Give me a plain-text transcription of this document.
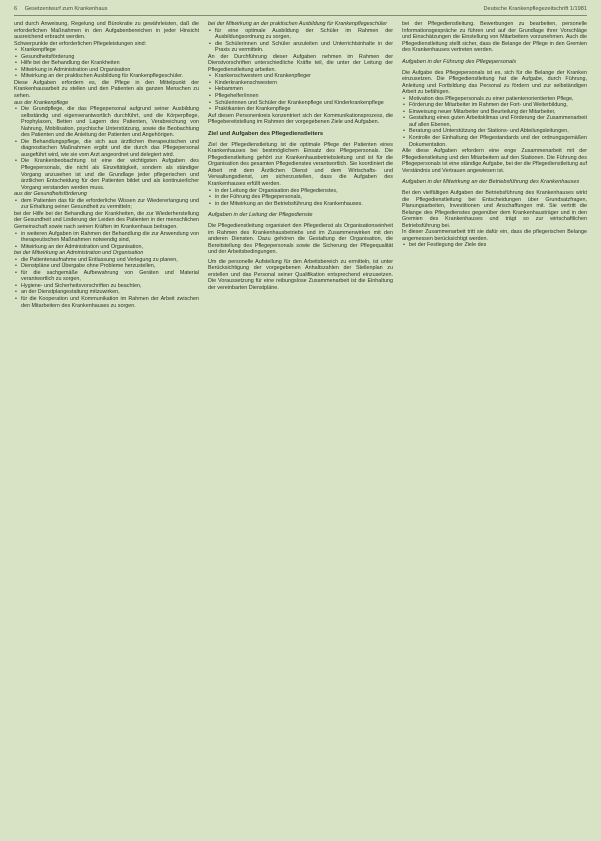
6 Gesetzentwurf zum Krankenhaus	Deutsche Krankenpflegezeitschrift 1/1981

und durch Anweisung, Regelung und Bürokratie zu gewährleisten, daß die erforderlichen Maßnahmen in den Aufgabenbereichen in jeder Hinsicht ausreichend erbracht werden.

Schwerpunkte der erforderlichen Pflegeleistungen sind:

• Krankenpflege
• Gesundheitsförderung
• Hilfe bei der Behandlung der Krankheiten
• Mitwirkung in Administration und Organisation
• Mitwirkung an der praktischen Ausbildung für Krankenpflegeschüler.

Diese Aufgaben erfordern es, die Pflege in den Mittelpunkt der Krankenhausarbeit zu stellen und den Patienten als ganzen Menschen zu sehen.

aus der Krankenpflege

• Die Grundpflege, die das Pflegepersonal aufgrund seiner Ausbildung selbständig und eigenverantwortlich durchführt, und die Körperpflege, Prophylaxen, Betten und Lagern des Patienten, Verabreichung von Nahrung, Mobilisation, psychische Unterstützung, sowie die Beobachtung des Patienten und die Anleitung der Patienten und Angehörigen.
• Die Behandlungspflege, die sich aus ärztlichen therapeutischen und diagnostischen Maßnahmen ergibt und die durch das Pflegepersonal ausgeführt wird, wie sie vom Arzt angeordnet und delegiert wird.
• Die Krankenbeobachtung ist eine der wichtigsten Aufgaben des Pflegepersonals, die nicht als Einzeltätigkeit, sondern als ständiger Vorgang anzusehen ist und die Grundlage jeder pflegerischen und ärztlichen Entscheidung für den Patienten bildet und als kontinuierlicher Vorgang verstanden werden muss.

aus der Gesundheitsförderung

• dem Patienten das für die erforderliche Wissen zur Wiedererlangung und zur Erhaltung seiner Gesundheit zu vermitteln;

bei der Hilfe bei der Behandlung der Krankheiten, die zur Wiederherstellung der Gesundheit und Linderung der Leiden des Patienten in der menschlichen Gemeinschaft sowie nach seinen Kräften im Krankenhaus beitragen.

• in weiteren Aufgaben im Rahmen der Behandlung die zur Anwendung von therapeutischen Maßnahmen notwendig sind,
• Mitwirkung an der Administration und Organisation,

bei der Mitwirkung an Administration und Organisation

• die Patientenaufnahme und Entlassung und Verlegung zu planen,
• Dienstpläne und Übergabe ohne Probleme herzustellen,
• für die sachgemäße Aufbewahrung von Geräten und Material verantwortlich zu sorgen,
• Hygiene- und Sicherheitsvorschriften zu beachten,
• an der Dienstplangestaltung mitzuwirken,
• für die Kooperation und Kommunikation im Rahmen der Arbeit zwischen den Mitarbeitern des Krankenhauses zu sorgen.

bei der Mitwirkung an der praktischen Ausbildung für Krankenpflegeschüler

• für eine optimale Ausbildung der Schüler im Rahmen der Ausbildungsordnung zu sorgen,
• die Schülerinnen und Schüler anzuleiten und Unterrichtsinhalte in der Praxis zu vermitteln.

An der Durchführung dieser Aufgaben nehmen im Rahmen der Dienstvorschriften unterschiedliche Kräfte teil, die unter der Leitung der Pflegedienstleitung arbeiten.

• Krankenschwestern und Krankenpfleger
• Kinderkrankenschwestern
• Hebammen
• Pflegehelfer/innen
• Schülerinnen und Schüler der Krankenpflege und Kinderkrankenpflege
• Praktikanten der Krankenpflege

Auf diesen Personenkreis konzentriert sich der Kommunikationsprozess, die Pflegebereitstellung im Rahmen der vorgegebenen Ziele und Aufgaben.

Ziel und Aufgaben des Pflegedienstleiters

Ziel der Pflegedienstleitung ist die optimale Pflege der Patienten eines Krankenhauses bei bestmöglichem Einsatz des Pflegepersonals. Die Pflegedienstleitung gehört zur Krankenhausbetriebsleitung und ist für die Organisation des gesamten Pflegedienstes verantwortlich. Sie koordiniert die Arbeit mit dem Ärztlichen Dienst und dem Wirtschafts- und Verwaltungsdienst, um sicherzustellen, dass die Aufgaben des Krankenhauses erfüllt werden.

• in der Leitung der Organisation des Pflegedienstes,
• in der Führung des Pflegepersonals,
• in der Mitwirkung an der Betriebsführung des Krankenhauses.
Aufgaben in der Leitung der Pflegedienste

Die Pflegedienstleitung organisiert den Pflegedienst als Organisationseinheit im Rahmen des Krankenhausbetriebs und im Zusammenwirken mit den anderen Diensten. Dazu gehören die Gestaltung der Organisation, die Bereitstellung des Pflegepersonals sowie die Sicherung der Pflegequalität und der Arbeitsbedingungen.

Um die personelle Aufstellung für den Arbeitsbereich zu ermitteln, ist unter Berücksichtigung der vorgegebenen Anhaltszahlen der Stellenplan zu erstellen und das Personal seiner Qualifikation entsprechend einzusetzen. Die Voraussetzung für eine reibungslose Zusammenarbeit ist die Einhaltung der vereinbarten Dienstpläne.

bei der Pflegedienstleitung. Bewerbungen zu bearbeiten, personelle Informationsgespräche zu führen und auf der Grundlage ihrer Vorschläge und Einschätzungen die Einstellung von Mitarbeitern vorzunehmen. Auch die Pflegedienstleitung stellt sicher, dass die Belange der Pflege in den Gremien des Krankenhauses vertreten werden.

Aufgaben in der Führung des Pflegepersonals

Die Aufgabe des Pflegepersonals ist es, sich für die Belange der Kranken einzusetzen. Die Pflegedienstleitung hat die Aufgabe, durch Führung, Anleitung und Fortbildung das Personal zu fördern und zur selbständigen Arbeit zu befähigen.

• Motivation des Pflegepersonals zu einer patientenorientierten Pflege,
• Förderung der Mitarbeiter im Rahmen der Fort- und Weiterbildung,
• Einweisung neuer Mitarbeiter und Beurteilung der Mitarbeiter,
• Gestaltung eines guten Arbeitsklimas und Förderung der Zusammenarbeit auf allen Ebenen,
• Beratung und Unterstützung der Stations- und Abteilungsleitungen,
• Kontrolle der Einhaltung der Pflegestandards und der ordnungsgemäßen Dokumentation.

Alle diese Aufgaben erfordern eine enge Zusammenarbeit mit der Pflegedienstleitung und den Mitarbeitern auf den Stationen. Die Führung des Pflegepersonals ist eine ständige Aufgabe, bei der die Pflegedienstleitung auf Verständnis und Vertrauen angewiesen ist.

Aufgaben in der Mitwirkung an der Betriebsführung des Krankenhauses

Bei den vielfältigen Aufgaben der Betriebsführung des Krankenhauses wirkt die Pflegedienstleitung bei Entscheidungen über Grundsatzfragen, Planungsarbeiten, Investitionen und Anschaffungen mit. Sie vertritt die Belange des Pflegedienstes gegenüber dem Krankenhausträger und in den Gremien des Krankenhauses und trägt so zur wirtschaftlichen Betriebsführung bei.

In dieser Zusammenarbeit tritt sie dafür ein, dass die pflegerischen Belange angemessen berücksichtigt werden.

• bei der Festlegung der Ziele des
